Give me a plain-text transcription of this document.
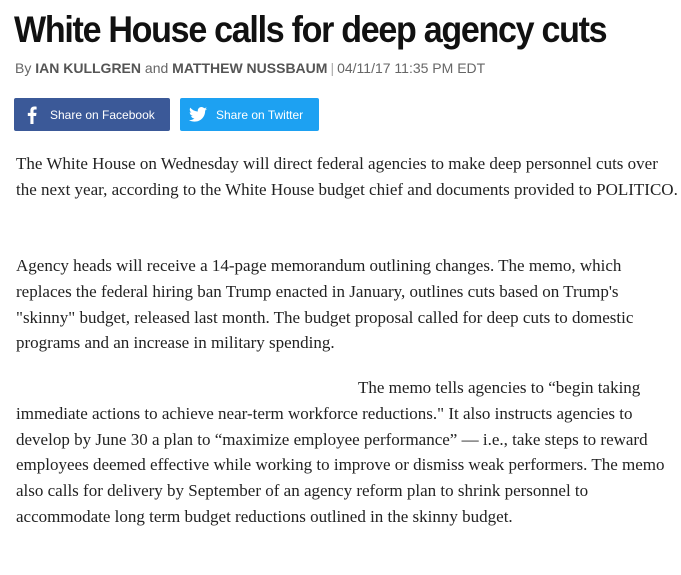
White House calls for deep agency cuts
By IAN KULLGREN and MATTHEW NUSSBAUM | 04/11/17 11:35 PM EDT
Share on Facebook	Share on Twitter

The White House on Wednesday will direct federal agencies to make deep personnel cuts over the next year, according to the White House budget chief and documents provided to POLITICO.

Agency heads will receive a 14-page memorandum outlining changes. The memo, which replaces the federal hiring ban Trump enacted in January, outlines cuts based on Trump's "skinny" budget, released last month. The budget proposal called for deep cuts to domestic programs and an increase in military spending.

The memo tells agencies to “begin taking immediate actions to achieve near-term workforce reductions." It also instructs agencies to develop by June 30 a plan to “maximize employee performance” — i.e., take steps to reward employees deemed effective while working to improve or dismiss weak performers. The memo also calls for delivery by September of an agency reform plan to shrink personnel to accommodate long term budget reductions outlined in the skinny budget.
